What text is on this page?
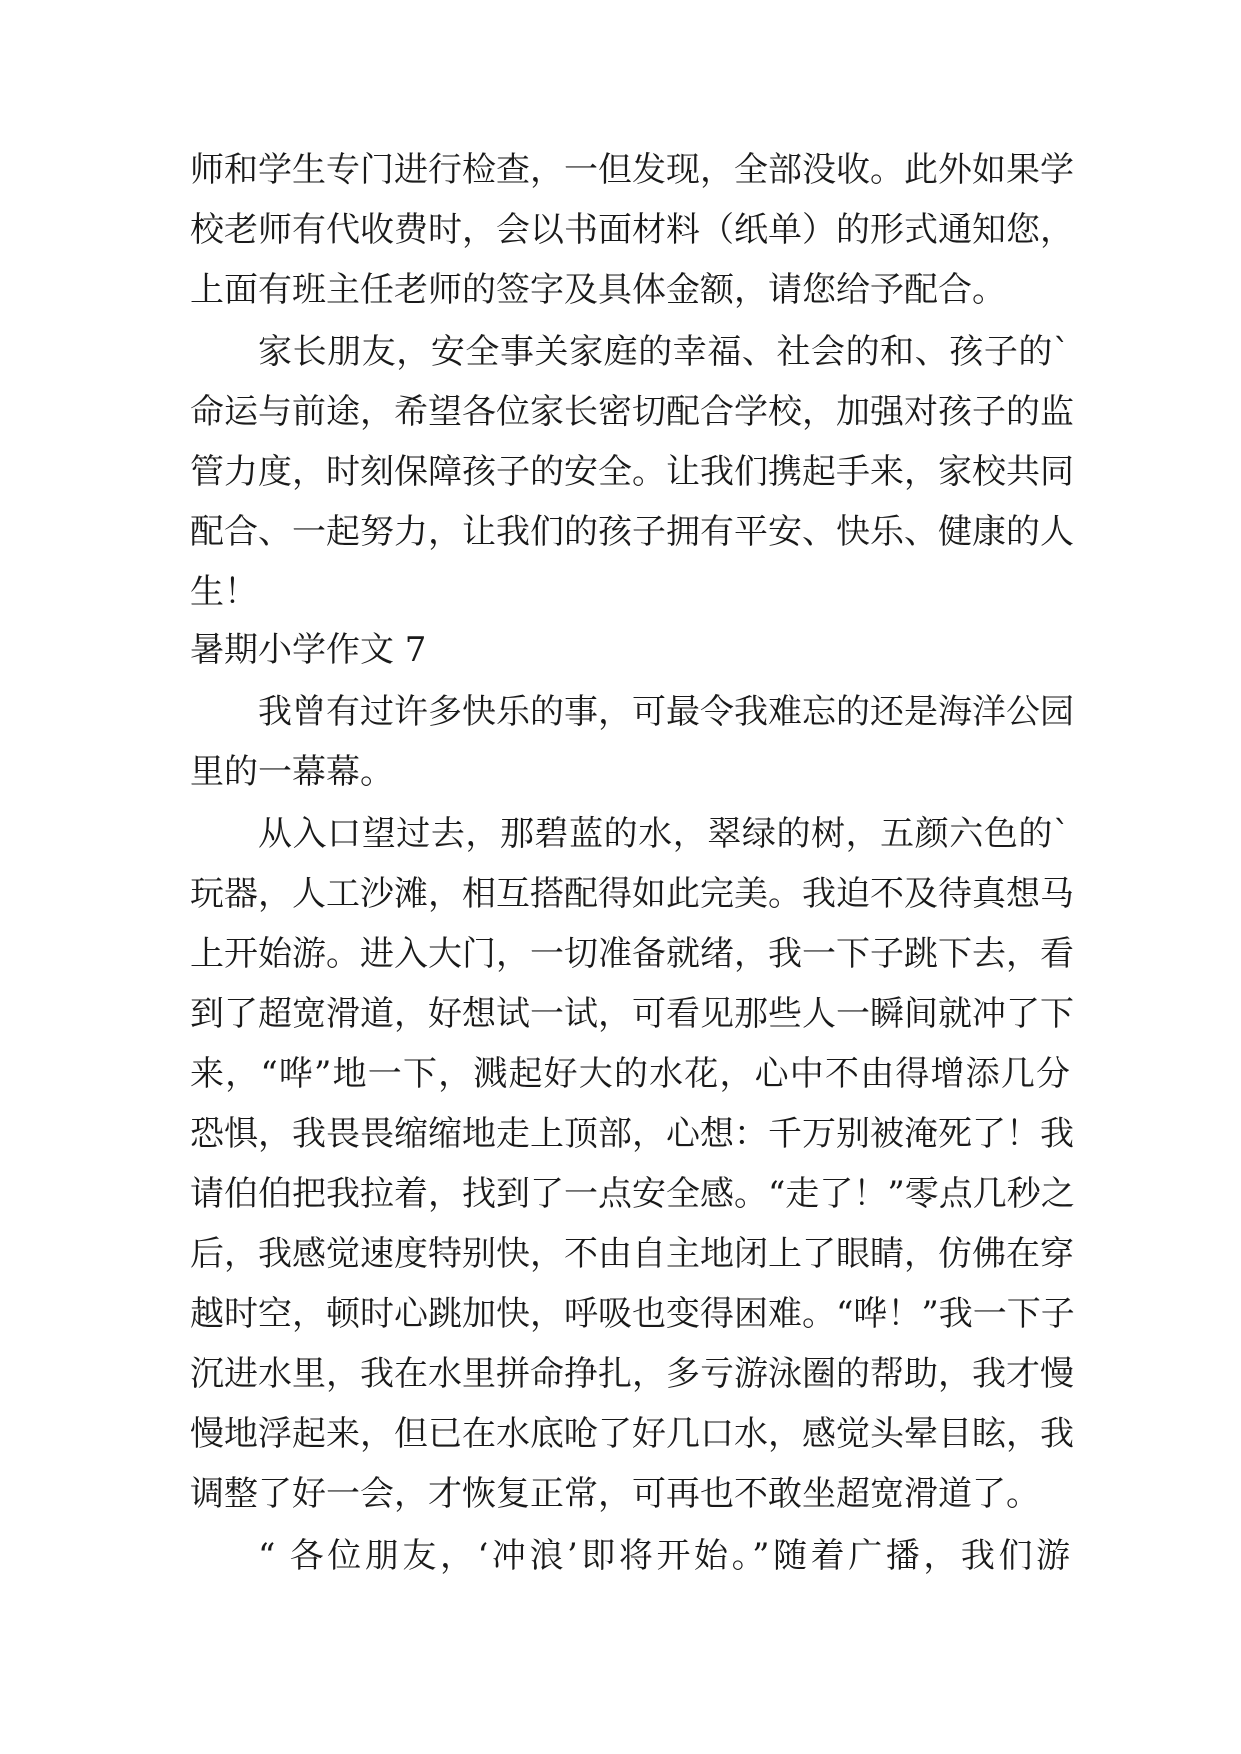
师和学生专门进行检查，一但发现，全部没收。此外如果学

校老师有代收费时，会以书面材料（纸单）的形式通知您，

上面有班主任老师的签字及具体金额，请您给予配合。

家长朋友，安全事关家庭的幸福、社会的和、孩子的`

命运与前途，希望各位家长密切配合学校，加强对孩子的监

管力度，时刻保障孩子的安全。让我们携起手来，家校共同

配合、一起努力，让我们的孩子拥有平安、快乐、健康的人

生！

暑期小学作文 7

我曾有过许多快乐的事，可最令我难忘的还是海洋公园

里的一幕幕。

从入口望过去，那碧蓝的水，翠绿的树，五颜六色的`

玩器，人工沙滩，相互搭配得如此完美。我迫不及待真想马

上开始游。进入大门，一切准备就绪，我一下子跳下去，看

到了超宽滑道，好想试一试，可看见那些人一瞬间就冲了下

来，“哗”地一下，溅起好大的水花，心中不由得增添几分

恐惧，我畏畏缩缩地走上顶部，心想：千万别被淹死了！我

请伯伯把我拉着，找到了一点安全感。“走了！”零点几秒之

后，我感觉速度特别快，不由自主地闭上了眼睛，仿佛在穿

越时空，顿时心跳加快，呼吸也变得困难。“哗！”我一下子

沉进水里，我在水里拼命挣扎，多亏游泳圈的帮助，我才慢

慢地浮起来，但已在水底呛了好几口水，感觉头晕目眩，我

调整了好一会，才恢复正常，可再也不敢坐超宽滑道了。

“ 各位朋友，‘冲浪’即将开始。”随着广播，我们游
